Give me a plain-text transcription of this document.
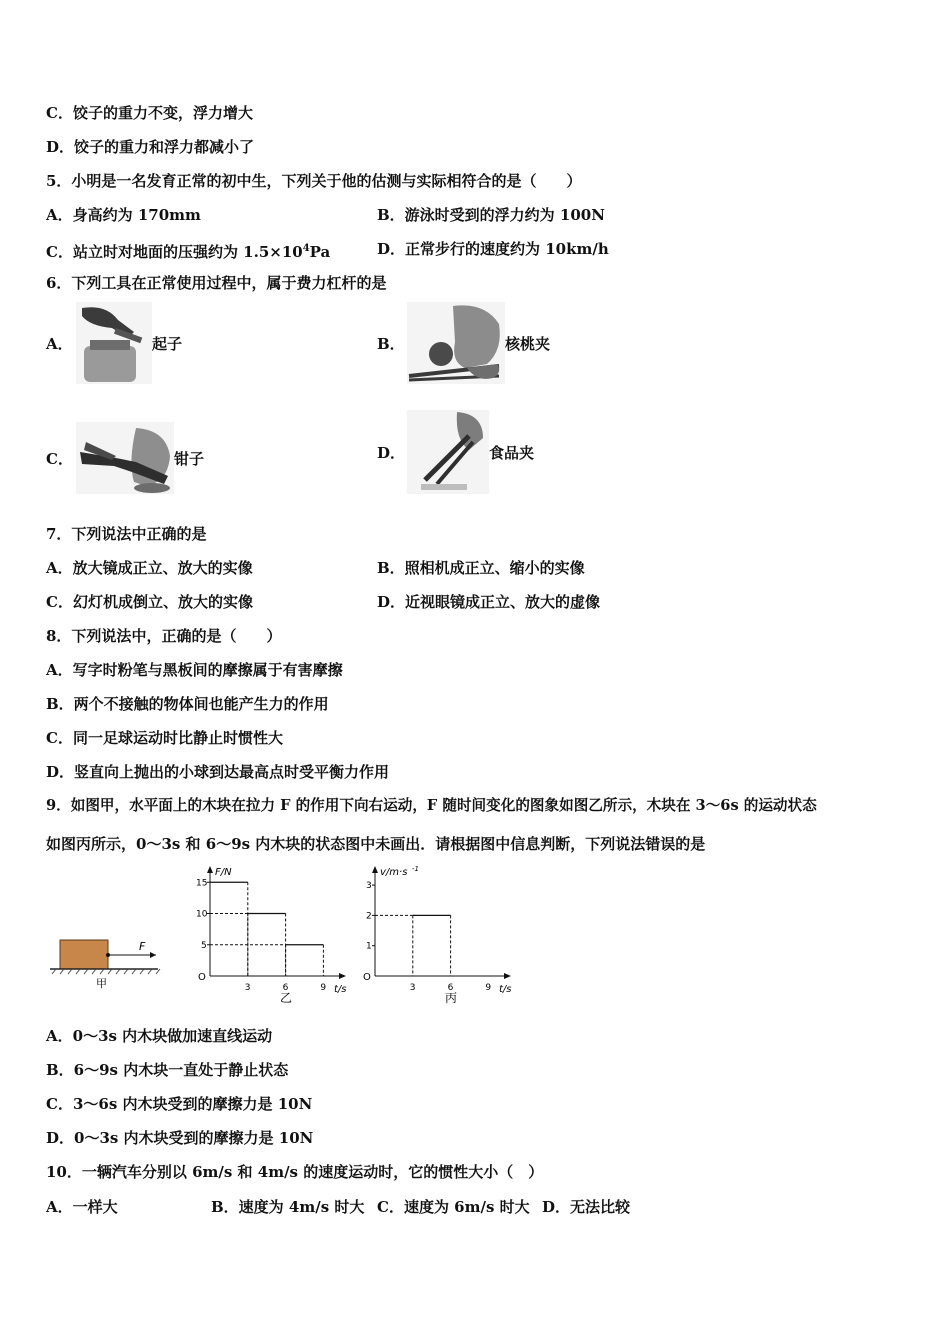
C．饺子的重力不变，浮力增大
D．饺子的重力和浮力都减小了
5．小明是一名发育正常的初中生，下列关于他的估测与实际相符合的是（　　）
A．身高约为 170mm	B．游泳时受到的浮力约为 100N
C．站立时对地面的压强约为 $1.5\times 10^4Pa$	D．正常步行的速度约为 10km/h
6．下列工具在正常使用过程中，属于费力杠杆的是
A．	起子	B．	核桃夹
C．	钳子	D．	食品夹
7．下列说法中正确的是
A．放大镜成正立、放大的实像	B．照相机成正立、缩小的实像
C．幻灯机成倒立、放大的实像	D．近视眼镜成正立、放大的虚像
8．下列说法中，正确的是（　　）
A．写字时粉笔与黑板间的摩擦属于有害摩擦
B．两个不接触的物体间也能产生力的作用
C．同一足球运动时比静止时惯性大
D．竖直向上抛出的小球到达最高点时受平衡力作用
9．如图甲，水平面上的木块在拉力 F 的作用下向右运动，F 随时间变化的图象如图乙所示，木块在 3～6s 的运动状态
如图丙所示，0～3s 和 6～9s 内木块的状态图中未画出．请根据图中信息判断，下列说法错误的是
F
甲
F/N
t/s
O
乙
3	6	9
5
10
15
v/m·s -1
t/s
O
丙
3	6	9
1
2
3
A．0～3s 内木块做加速直线运动
B．6～9s 内木块一直处于静止状态
C．3～6s 内木块受到的摩擦力是 10N
D．0～3s 内木块受到的摩擦力是 10N
10．一辆汽车分别以 6m/s 和 4m/s 的速度运动时，它的惯性大小（　）
A．一样大	B．速度为 4m/s 时大 C．速度为 6m/s 时大 D．无法比较
